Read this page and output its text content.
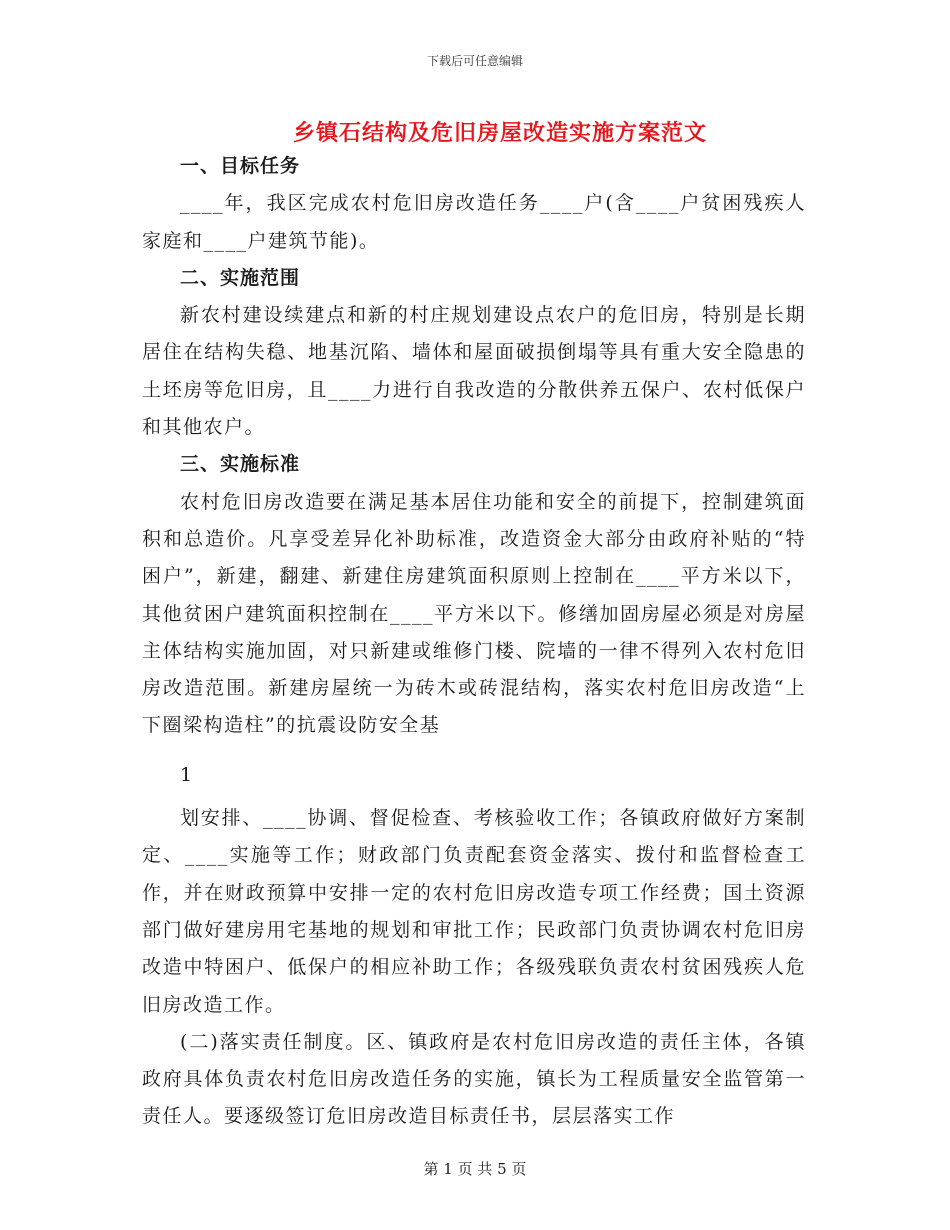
下载后可任意编辑
乡镇石结构及危旧房屋改造实施方案范文
一、目标任务

____年，我区完成农村危旧房改造任务____户(含____户贫困残疾人家庭和____户建筑节能)。

二、实施范围

新农村建设续建点和新的村庄规划建设点农户的危旧房，特别是长期居住在结构失稳、地基沉陷、墙体和屋面破损倒塌等具有重大安全隐患的土坯房等危旧房，且____力进行自我改造的分散供养五保户、农村低保户和其他农户。

三、实施标准

农村危旧房改造要在满足基本居住功能和安全的前提下，控制建筑面积和总造价。凡享受差异化补助标准，改造资金大部分由政府补贴的“特困户”，新建，翻建、新建住房建筑面积原则上控制在____平方米以下，其他贫困户建筑面积控制在____平方米以下。修缮加固房屋必须是对房屋主体结构实施加固，对只新建或维修门楼、院墙的一律不得列入农村危旧房改造范围。新建房屋统一为砖木或砖混结构，落实农村危旧房改造“上下圈梁构造柱”的抗震设防安全基

1

划安排、____协调、督促检查、考核验收工作；各镇政府做好方案制定、____实施等工作；财政部门负责配套资金落实、拨付和监督检查工作，并在财政预算中安排一定的农村危旧房改造专项工作经费；国土资源部门做好建房用宅基地的规划和审批工作；民政部门负责协调农村危旧房改造中特困户、低保户的相应补助工作；各级残联负责农村贫困残疾人危旧房改造工作。

(二)落实责任制度。区、镇政府是农村危旧房改造的责任主体，各镇政府具体负责农村危旧房改造任务的实施，镇长为工程质量安全监管第一责任人。要逐级签订危旧房改造目标责任书，层层落实工作

第 1 页 共 5 页
